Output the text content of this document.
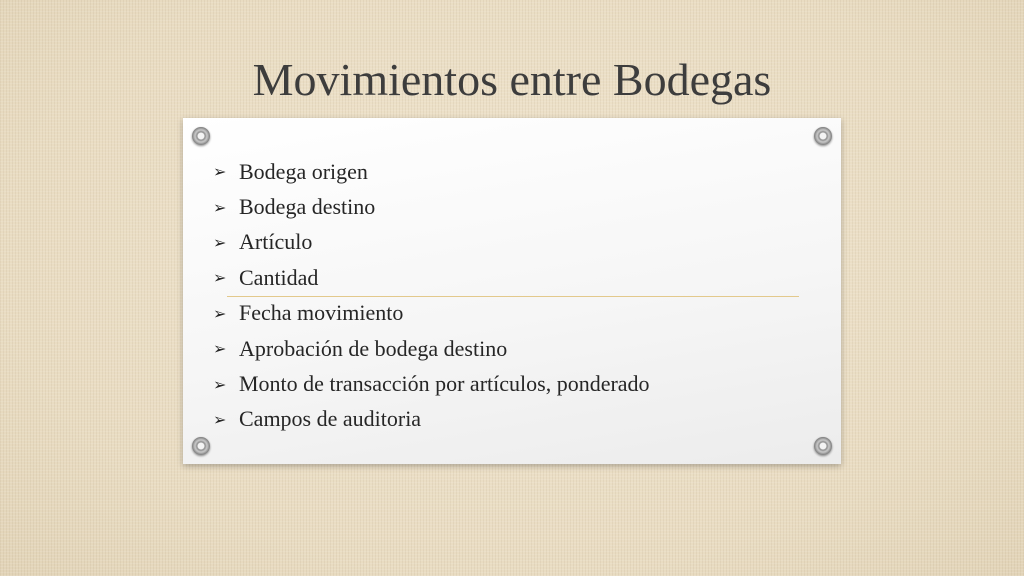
Movimientos entre Bodegas
➢ Bodega origen
➢ Bodega destino
➢ Artículo
➢ Cantidad
➢ Fecha movimiento
➢ Aprobación de bodega destino
➢ Monto de transacción por artículos, ponderado
➢ Campos de auditoria
